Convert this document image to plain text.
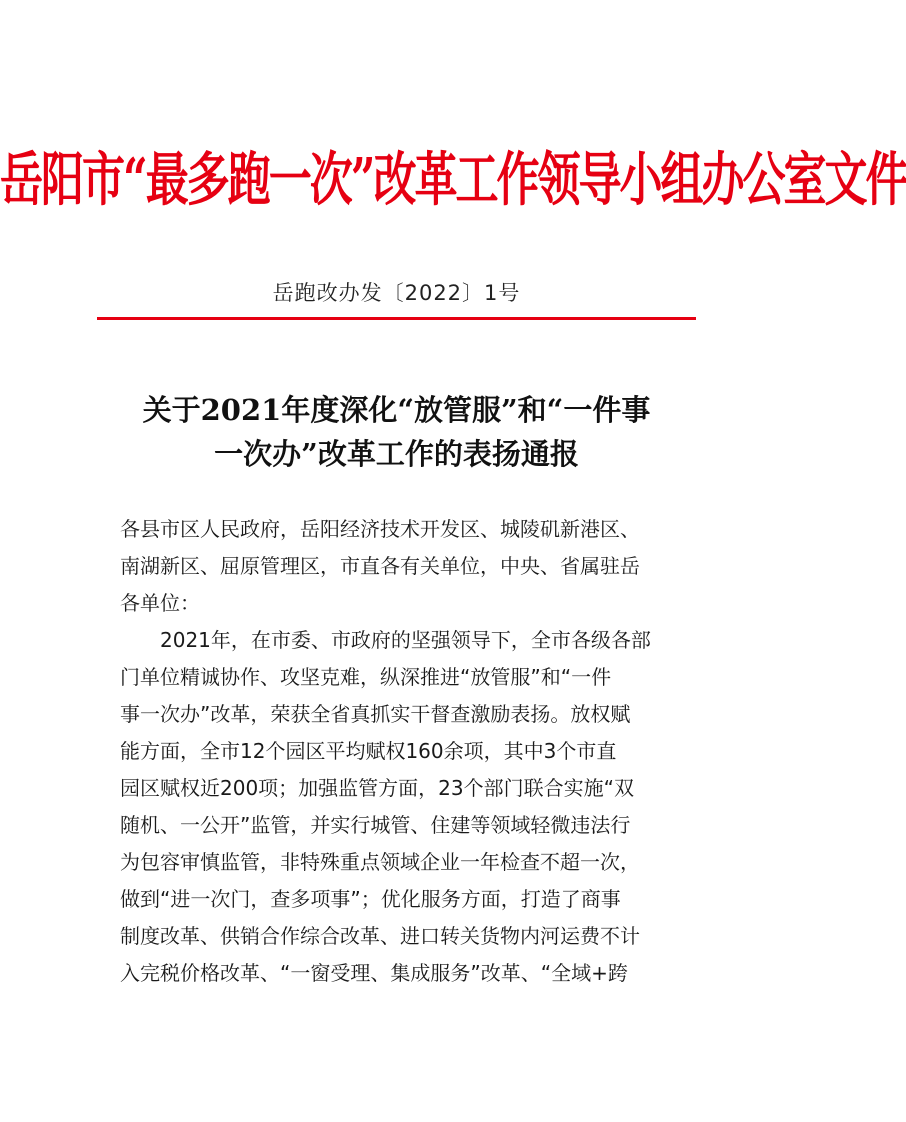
岳阳市“最多跑一次”改革工作领导小组办公室文件
岳跑改办发〔2022〕1号
关于2021年度深化“放管服”和“一件事
一次办”改革工作的表扬通报
各县市区人民政府，岳阳经济技术开发区、城陵矶新港区、
南湖新区、屈原管理区，市直各有关单位，中央、省属驻岳
各单位：
2021年，在市委、市政府的坚强领导下，全市各级各部
门单位精诚协作、攻坚克难，纵深推进“放管服”和“一件
事一次办”改革，荣获全省真抓实干督查激励表扬。放权赋
能方面，全市12个园区平均赋权160余项，其中3个市直
园区赋权近200项；加强监管方面，23个部门联合实施“双
随机、一公开”监管，并实行城管、住建等领域轻微违法行
为包容审慎监管，非特殊重点领域企业一年检查不超一次，
做到“进一次门，查多项事”；优化服务方面，打造了商事
制度改革、供销合作综合改革、进口转关货物内河运费不计
入完税价格改革、“一窗受理、集成服务”改革、“全域+跨
